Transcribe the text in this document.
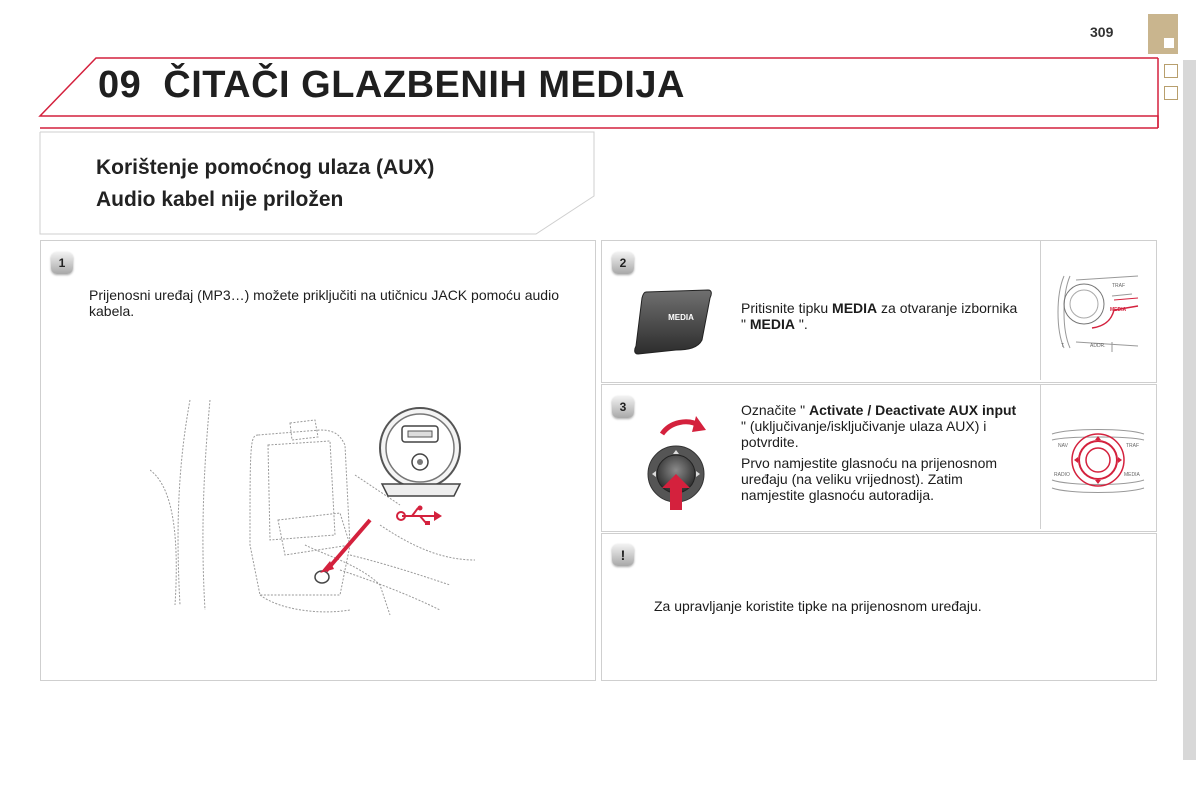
309
09 ČITAČI GLAZBENIH MEDIJA
Korištenje pomoćnog ulaza (AUX)
Audio kabel nije priložen
1
Prijenosni uređaj (MP3…) možete priključiti na utičnicu JACK pomoću audio kabela.
2
MEDIA
Pritisnite tipku MEDIA za otvaranje izbornika " MEDIA ".
TRAF
MEDIA
ADDR.
T
3	Označite " Activate / Deactivate AUX input " (uključivanje/isključivanje ulaza AUX) i potvrdite.
Prvo namjestite glasnoću na prijenosnom uređaju (na veliku vrijednost). Zatim namjestite glasnoću autoradija.
NAV	TRAF
RADIO	MEDIA
!
Za upravljanje koristite tipke na prijenosnom uređaju.
